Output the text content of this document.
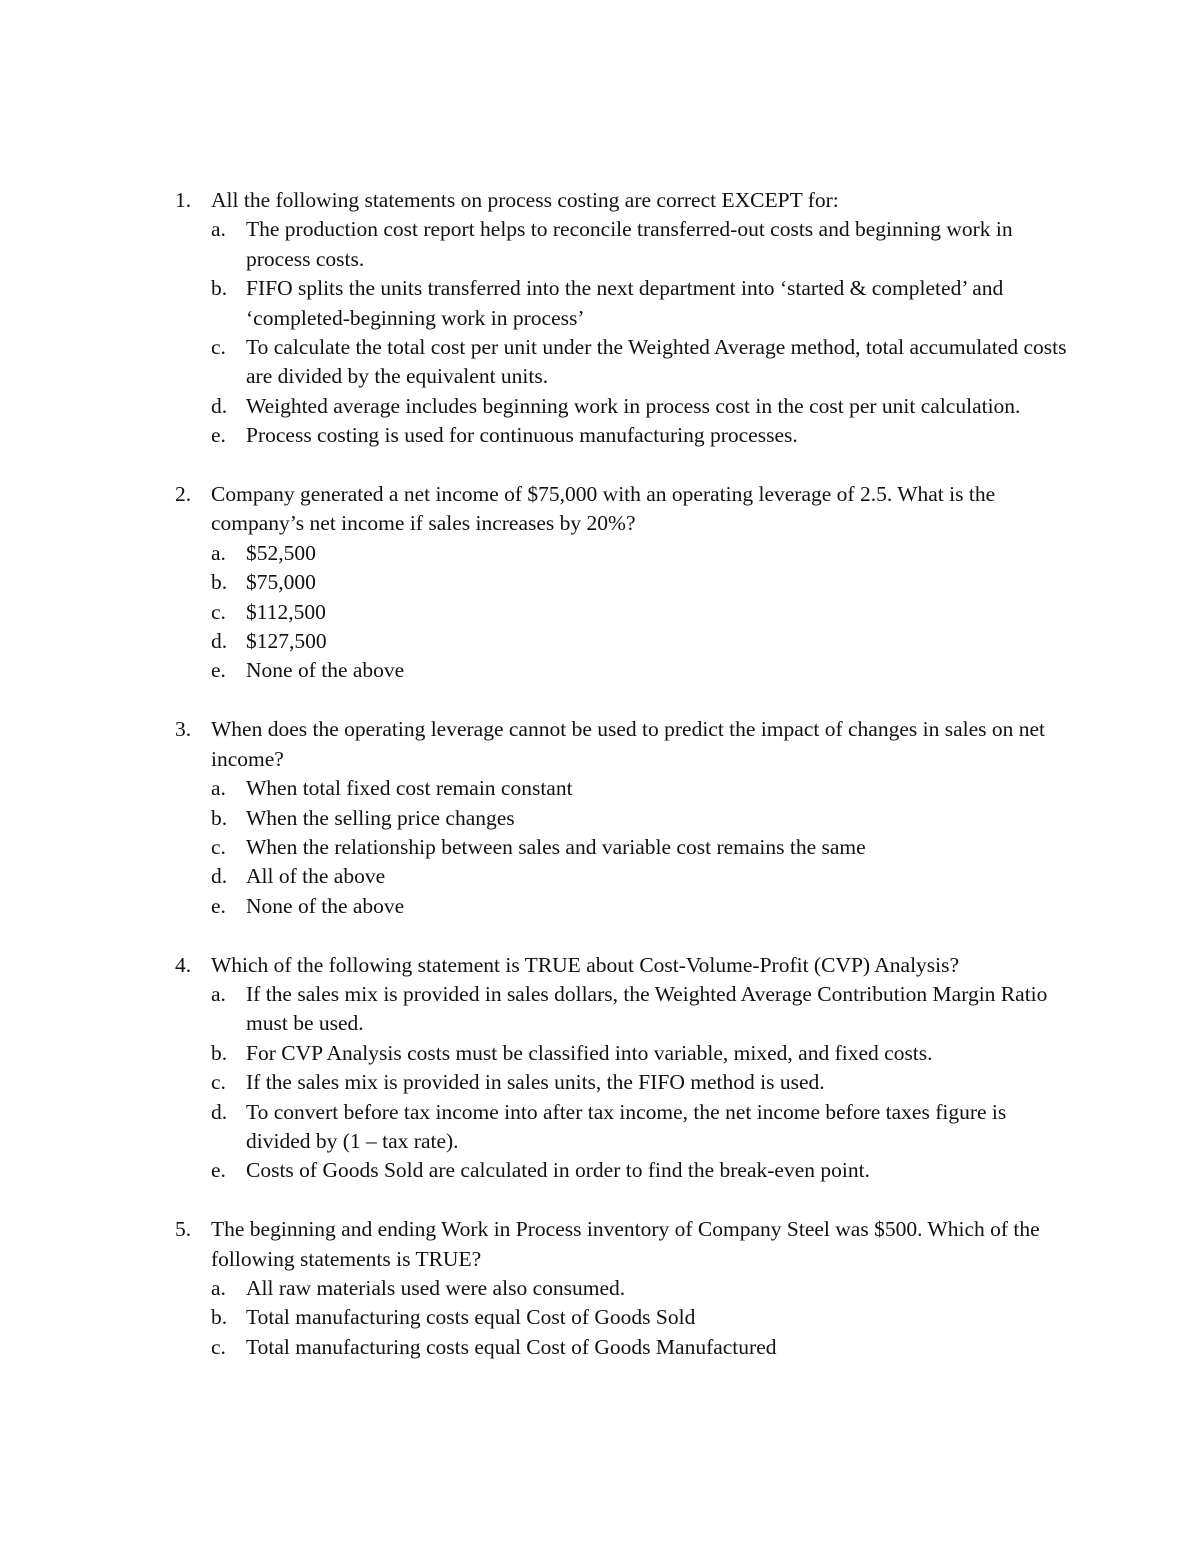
1. All the following statements on process costing are correct EXCEPT for:
a. The production cost report helps to reconcile transferred-out costs and beginning work in process costs.
b. FIFO splits the units transferred into the next department into ‘started & completed’ and ‘completed-beginning work in process’
c. To calculate the total cost per unit under the Weighted Average method, total accumulated costs are divided by the equivalent units.
d. Weighted average includes beginning work in process cost in the cost per unit calculation.
e. Process costing is used for continuous manufacturing processes.
2. Company generated a net income of $75,000 with an operating leverage of 2.5. What is the company’s net income if sales increases by 20%?
a. $52,500
b. $75,000
c. $112,500
d. $127,500
e. None of the above
3. When does the operating leverage cannot be used to predict the impact of changes in sales on net income?
a. When total fixed cost remain constant
b. When the selling price changes
c. When the relationship between sales and variable cost remains the same
d. All of the above
e. None of the above
4. Which of the following statement is TRUE about Cost-Volume-Profit (CVP) Analysis?
a. If the sales mix is provided in sales dollars, the Weighted Average Contribution Margin Ratio must be used.
b. For CVP Analysis costs must be classified into variable, mixed, and fixed costs.
c. If the sales mix is provided in sales units, the FIFO method is used.
d. To convert before tax income into after tax income, the net income before taxes figure is divided by (1 – tax rate).
e. Costs of Goods Sold are calculated in order to find the break-even point.
5. The beginning and ending Work in Process inventory of Company Steel was $500. Which of the following statements is TRUE?
a. All raw materials used were also consumed.
b. Total manufacturing costs equal Cost of Goods Sold
c. Total manufacturing costs equal Cost of Goods Manufactured
